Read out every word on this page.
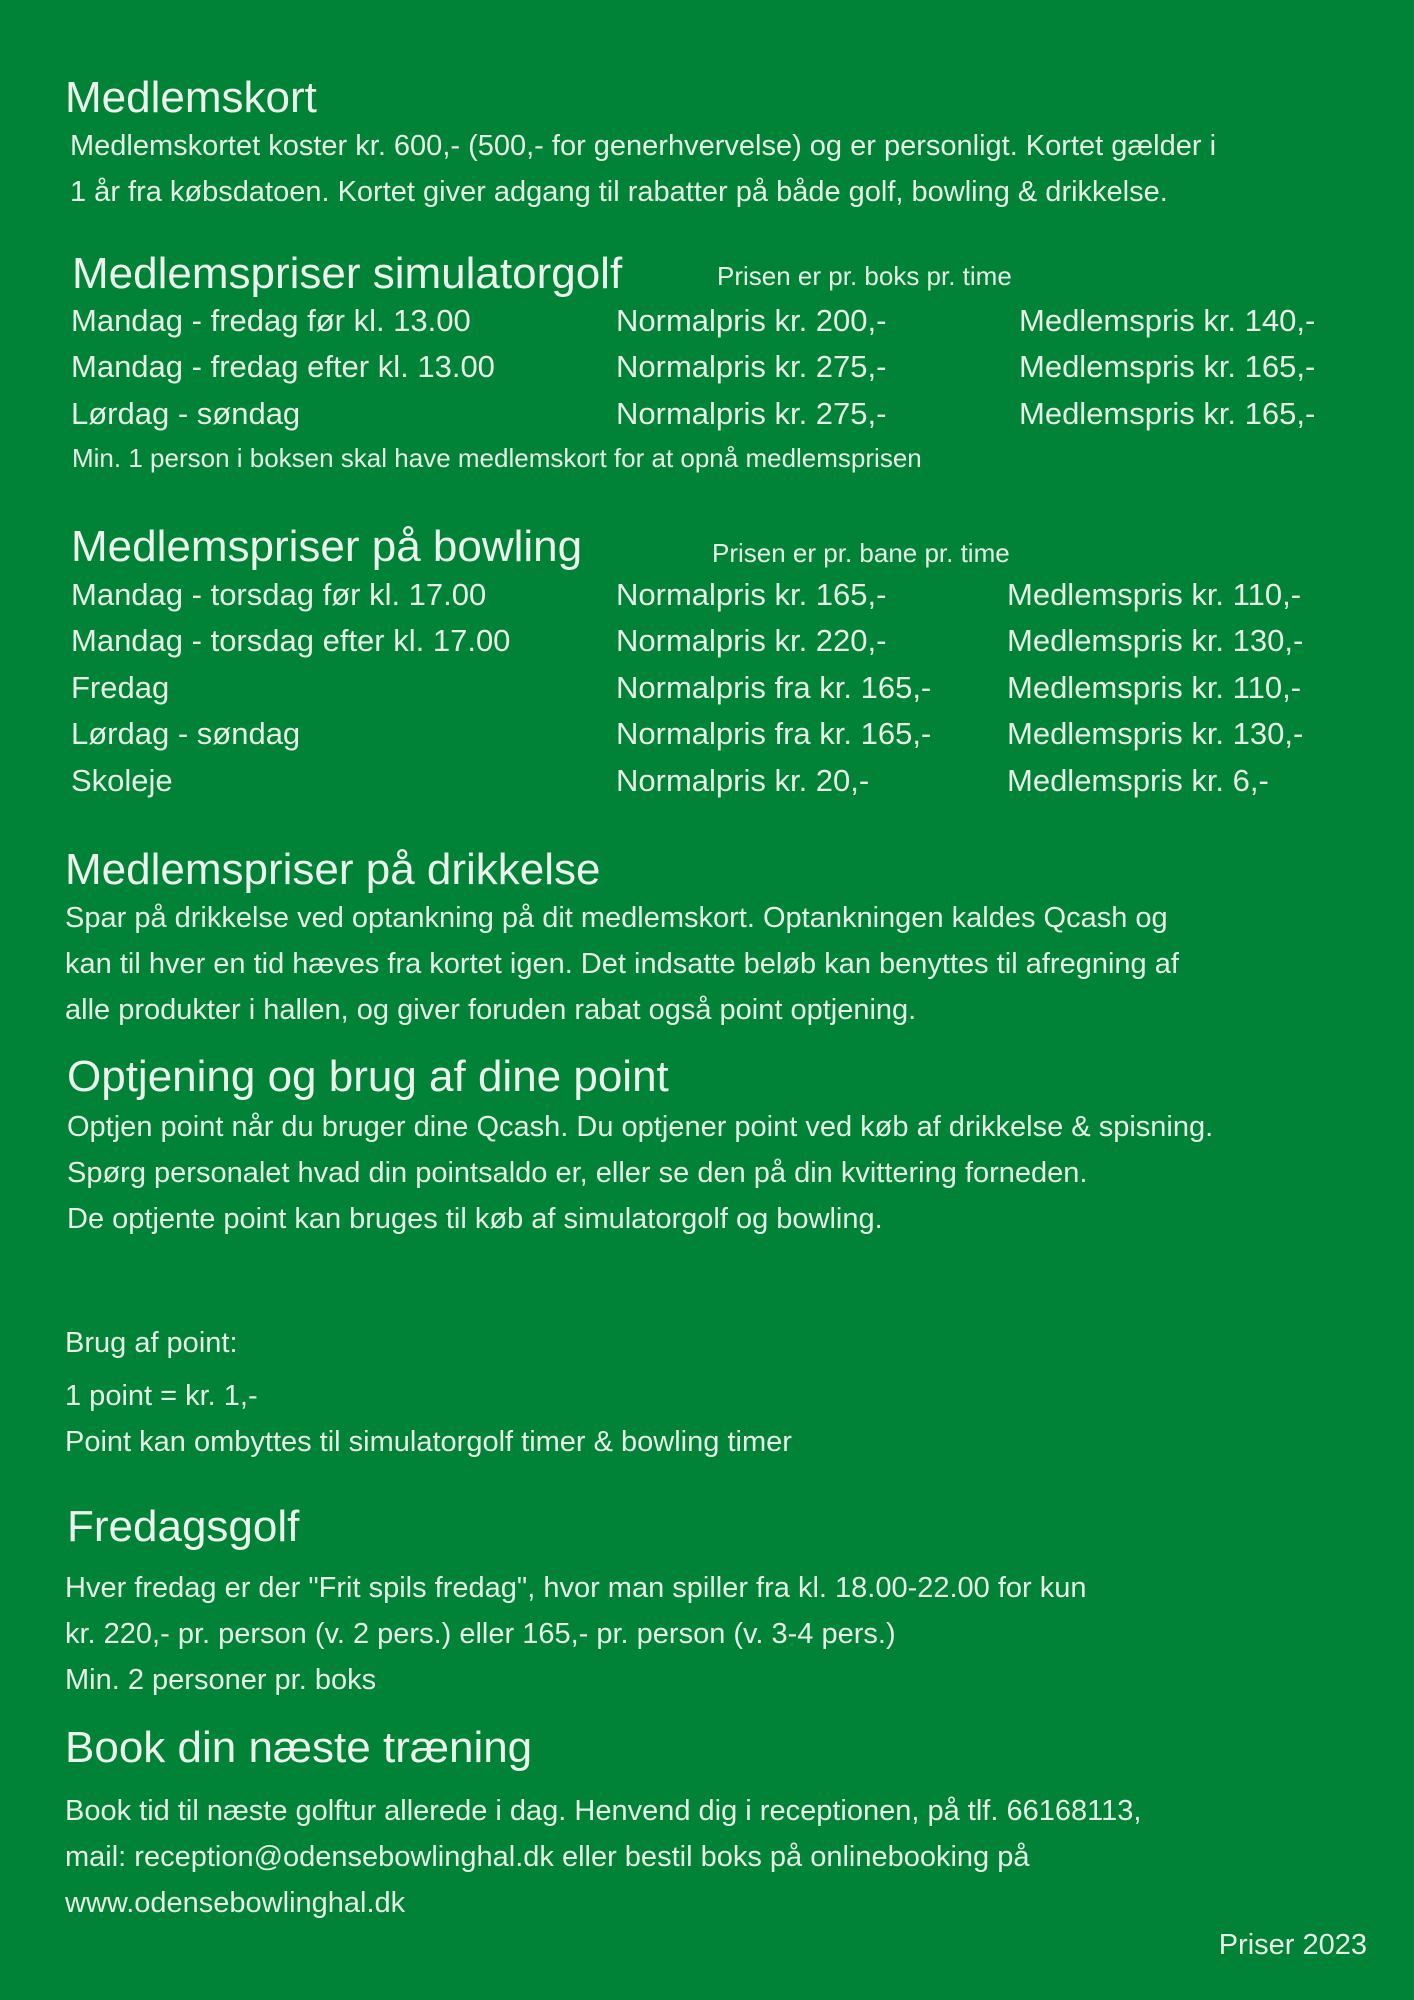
Medlemskort
Medlemskortet koster kr. 600,- (500,- for generhvervelse) og er personligt. Kortet gælder i
1 år fra købsdatoen. Kortet giver adgang til rabatter på både golf, bowling & drikkelse.
Medlemspriser simulatorgolf	Prisen er pr. boks pr. time
Mandag - fredag før kl. 13.00	Normalpris kr. 200,-	Medlemspris kr. 140,-
Mandag - fredag efter kl. 13.00	Normalpris kr. 275,-	Medlemspris kr. 165,-
Lørdag - søndag	Normalpris kr. 275,-	Medlemspris kr. 165,-
Min. 1 person i boksen skal have medlemskort for at opnå medlemsprisen
Medlemspriser på bowling	Prisen er pr. bane pr. time
Mandag - torsdag før kl. 17.00	Normalpris kr. 165,-	Medlemspris kr. 110,-
Mandag - torsdag efter kl. 17.00	Normalpris kr. 220,-	Medlemspris kr. 130,-
Fredag	Normalpris fra kr. 165,- Medlemspris kr. 110,-
Lørdag - søndag	Normalpris fra kr. 165,- Medlemspris kr. 130,-
Skoleje	Normalpris kr. 20,-	Medlemspris kr. 6,-
Medlemspriser på drikkelse
Spar på drikkelse ved optankning på dit medlemskort. Optankningen kaldes Qcash og
kan til hver en tid hæves fra kortet igen. Det indsatte beløb kan benyttes til afregning af
alle produkter i hallen, og giver foruden rabat også point optjening.
Optjening og brug af dine point
Optjen point når du bruger dine Qcash. Du optjener point ved køb af drikkelse & spisning.
Spørg personalet hvad din pointsaldo er, eller se den på din kvittering forneden.
De optjente point kan bruges til køb af simulatorgolf og bowling.
Brug af point:
1 point = kr. 1,-
Point kan ombyttes til simulatorgolf timer & bowling timer
Fredagsgolf
Hver fredag er der "Frit spils fredag", hvor man spiller fra kl. 18.00-22.00 for kun
kr. 220,- pr. person (v. 2 pers.) eller 165,- pr. person (v. 3-4 pers.)
Min. 2 personer pr. boks
Book din næste træning
Book tid til næste golftur allerede i dag. Henvend dig i receptionen, på tlf. 66168113,
mail: reception@odensebowlinghal.dk eller bestil boks på onlinebooking på
www.odensebowlinghal.dk
Priser 2023
